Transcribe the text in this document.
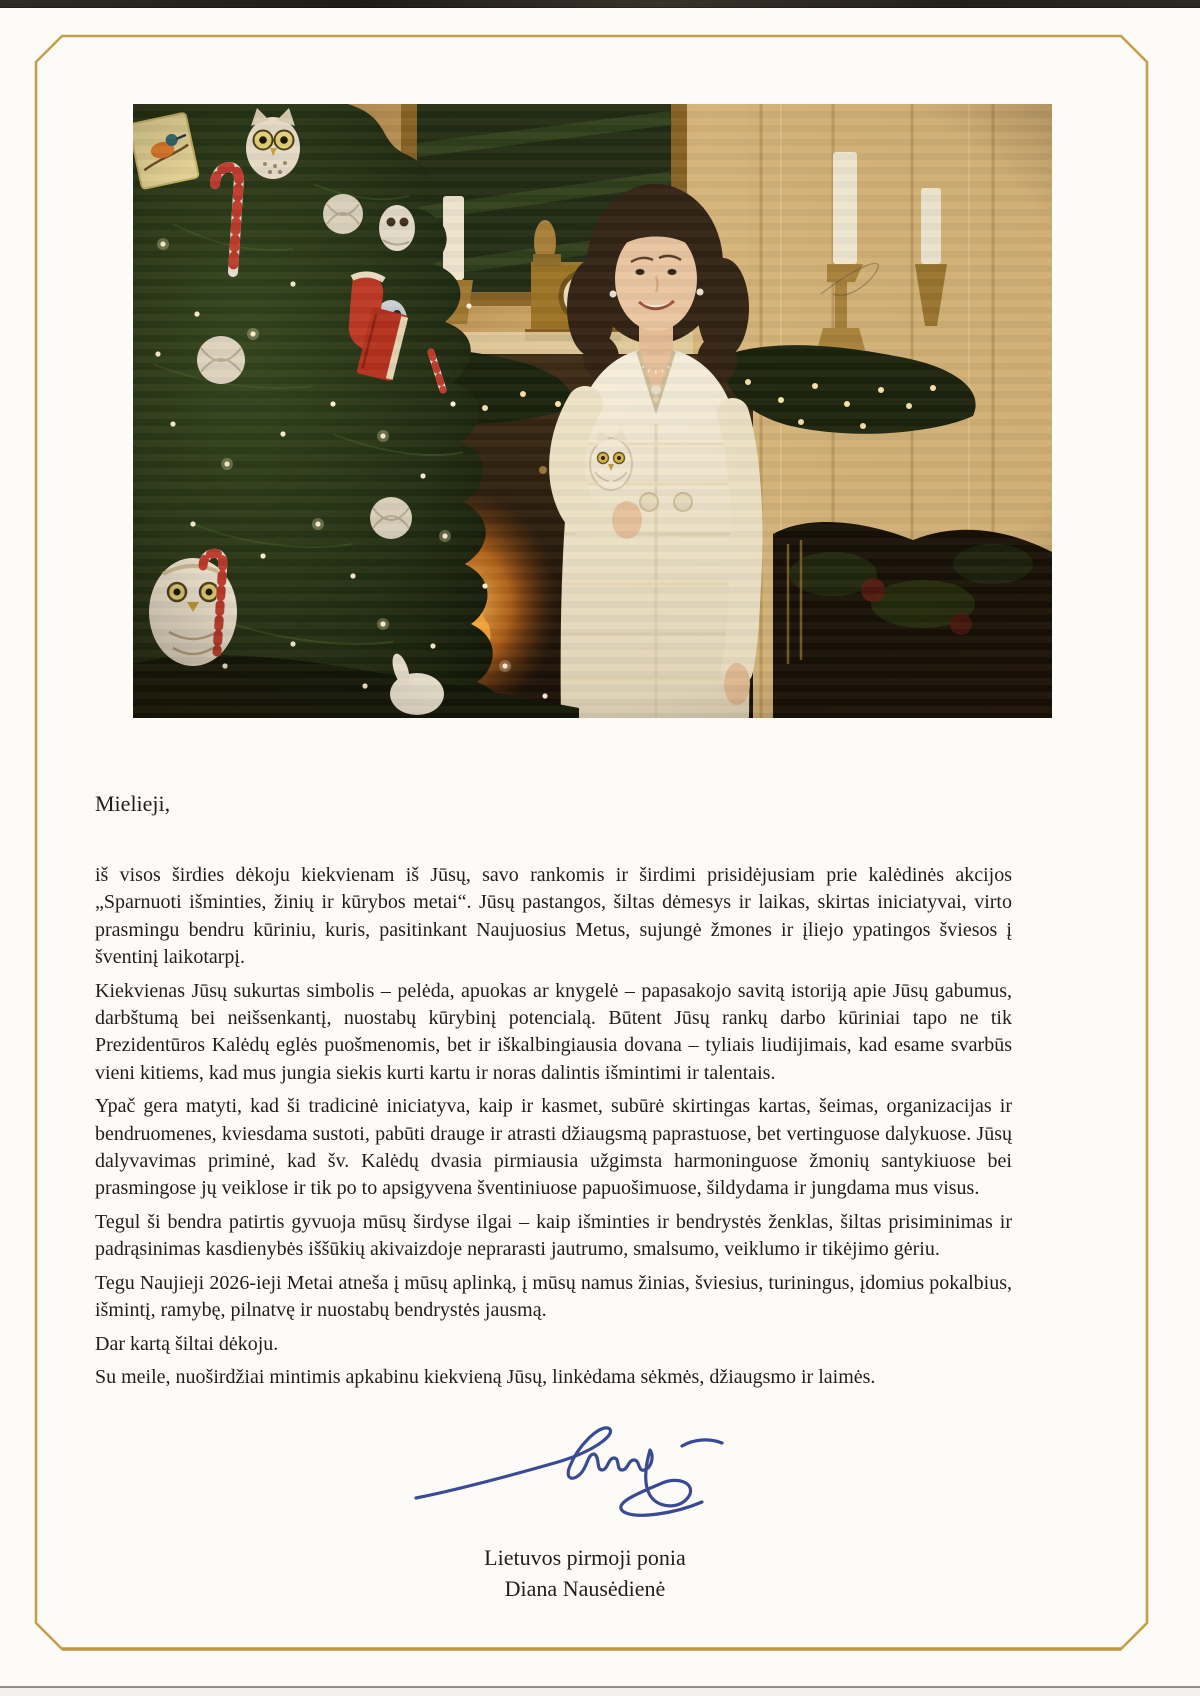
Mielieji,

iš visos širdies dėkoju kiekvienam iš Jūsų, savo rankomis ir širdimi prisidėjusiam prie kalėdinės akcijos „Sparnuoti išminties, žinių ir kūrybos metai“. Jūsų pastangos, šiltas dėmesys ir laikas, skirtas iniciatyvai, virto prasmingu bendru kūriniu, kuris, pasitinkant Naujuosius Metus, sujungė žmones ir įliejo ypatingos šviesos į šventinį laikotarpį.

Kiekvienas Jūsų sukurtas simbolis – pelėda, apuokas ar knygelė – papasakojo savitą istoriją apie Jūsų gabumus, darbštumą bei neišsenkantį, nuostabų kūrybinį potencialą. Būtent Jūsų rankų darbo kūriniai tapo ne tik Prezidentūros Kalėdų eglės puošmenomis, bet ir iškalbingiausia dovana – tyliais liudijimais, kad esame svarbūs vieni kitiems, kad mus jungia siekis kurti kartu ir noras dalintis išmintimi ir talentais.

Ypač gera matyti, kad ši tradicinė iniciatyva, kaip ir kasmet, subūrė skirtingas kartas, šeimas, organizacijas ir bendruomenes, kviesdama sustoti, pabūti drauge ir atrasti džiaugsmą paprastuose, bet vertinguose dalykuose. Jūsų dalyvavimas priminė, kad šv. Kalėdų dvasia pirmiausia užgimsta harmoninguose žmonių santykiuose bei prasmingose jų veiklose ir tik po to apsigyvena šventiniuose papuošimuose, šildydama ir jungdama mus visus.

Tegul ši bendra patirtis gyvuoja mūsų širdyse ilgai – kaip išminties ir bendrystės ženklas, šiltas prisiminimas ir padrąsinimas kasdienybės iššūkių akivaizdoje neprarasti jautrumo, smalsumo, veiklumo ir tikėjimo gėriu.

Tegu Naujieji 2026-ieji Metai atneša į mūsų aplinką, į mūsų namus žinias, šviesius, turiningus, įdomius pokalbius, išmintį, ramybę, pilnatvę ir nuostabų bendrystės jausmą.

Dar kartą šiltai dėkoju.

Su meile, nuoširdžiai mintimis apkabinu kiekvieną Jūsų, linkėdama sėkmės, džiaugsmo ir laimės.

Lietuvos pirmoji ponia
Diana Nausėdienė
